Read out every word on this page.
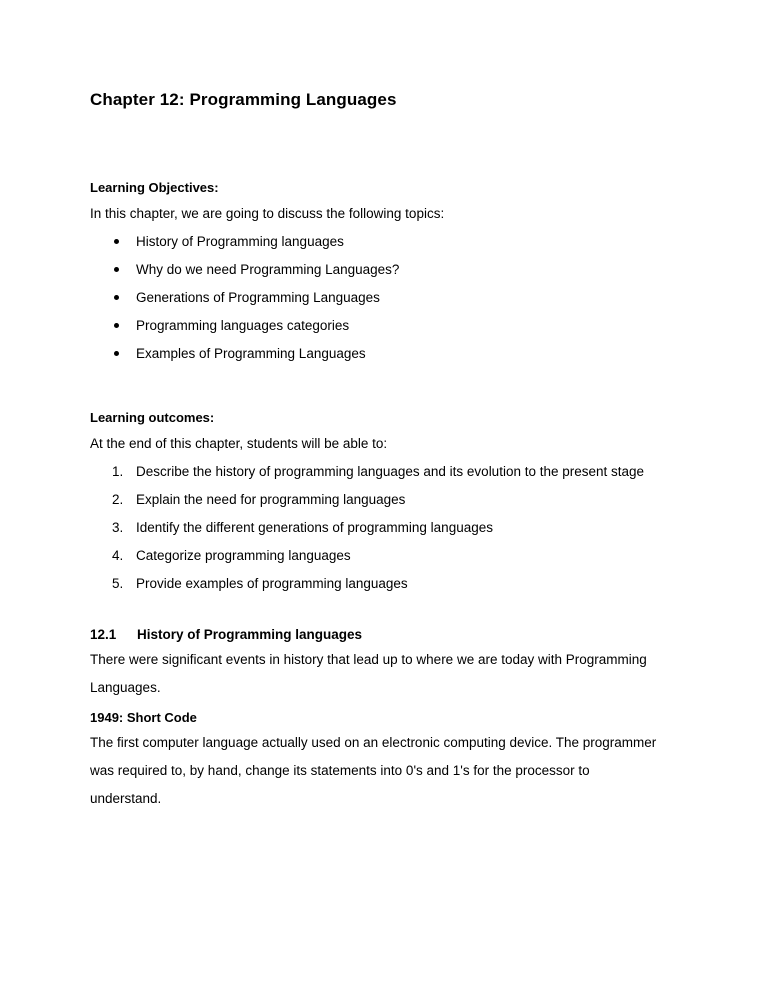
Chapter 12: Programming Languages
Learning Objectives:
In this chapter, we are going to discuss the following topics:
History of Programming languages
Why do we need Programming Languages?
Generations of Programming Languages
Programming languages categories
Examples of Programming Languages
Learning outcomes:
At the end of this chapter, students will be able to:
1. Describe the history of programming languages and its evolution to the present stage
2. Explain the need for programming languages
3. Identify the different generations of programming languages
4. Categorize programming languages
5. Provide examples of programming languages
12.1 History of Programming languages
There were significant events in history that lead up to where we are today with Programming
Languages.
1949: Short Code
The first computer language actually used on an electronic computing device. The programmer
was required to, by hand, change its statements into 0's and 1's for the processor to
understand.
